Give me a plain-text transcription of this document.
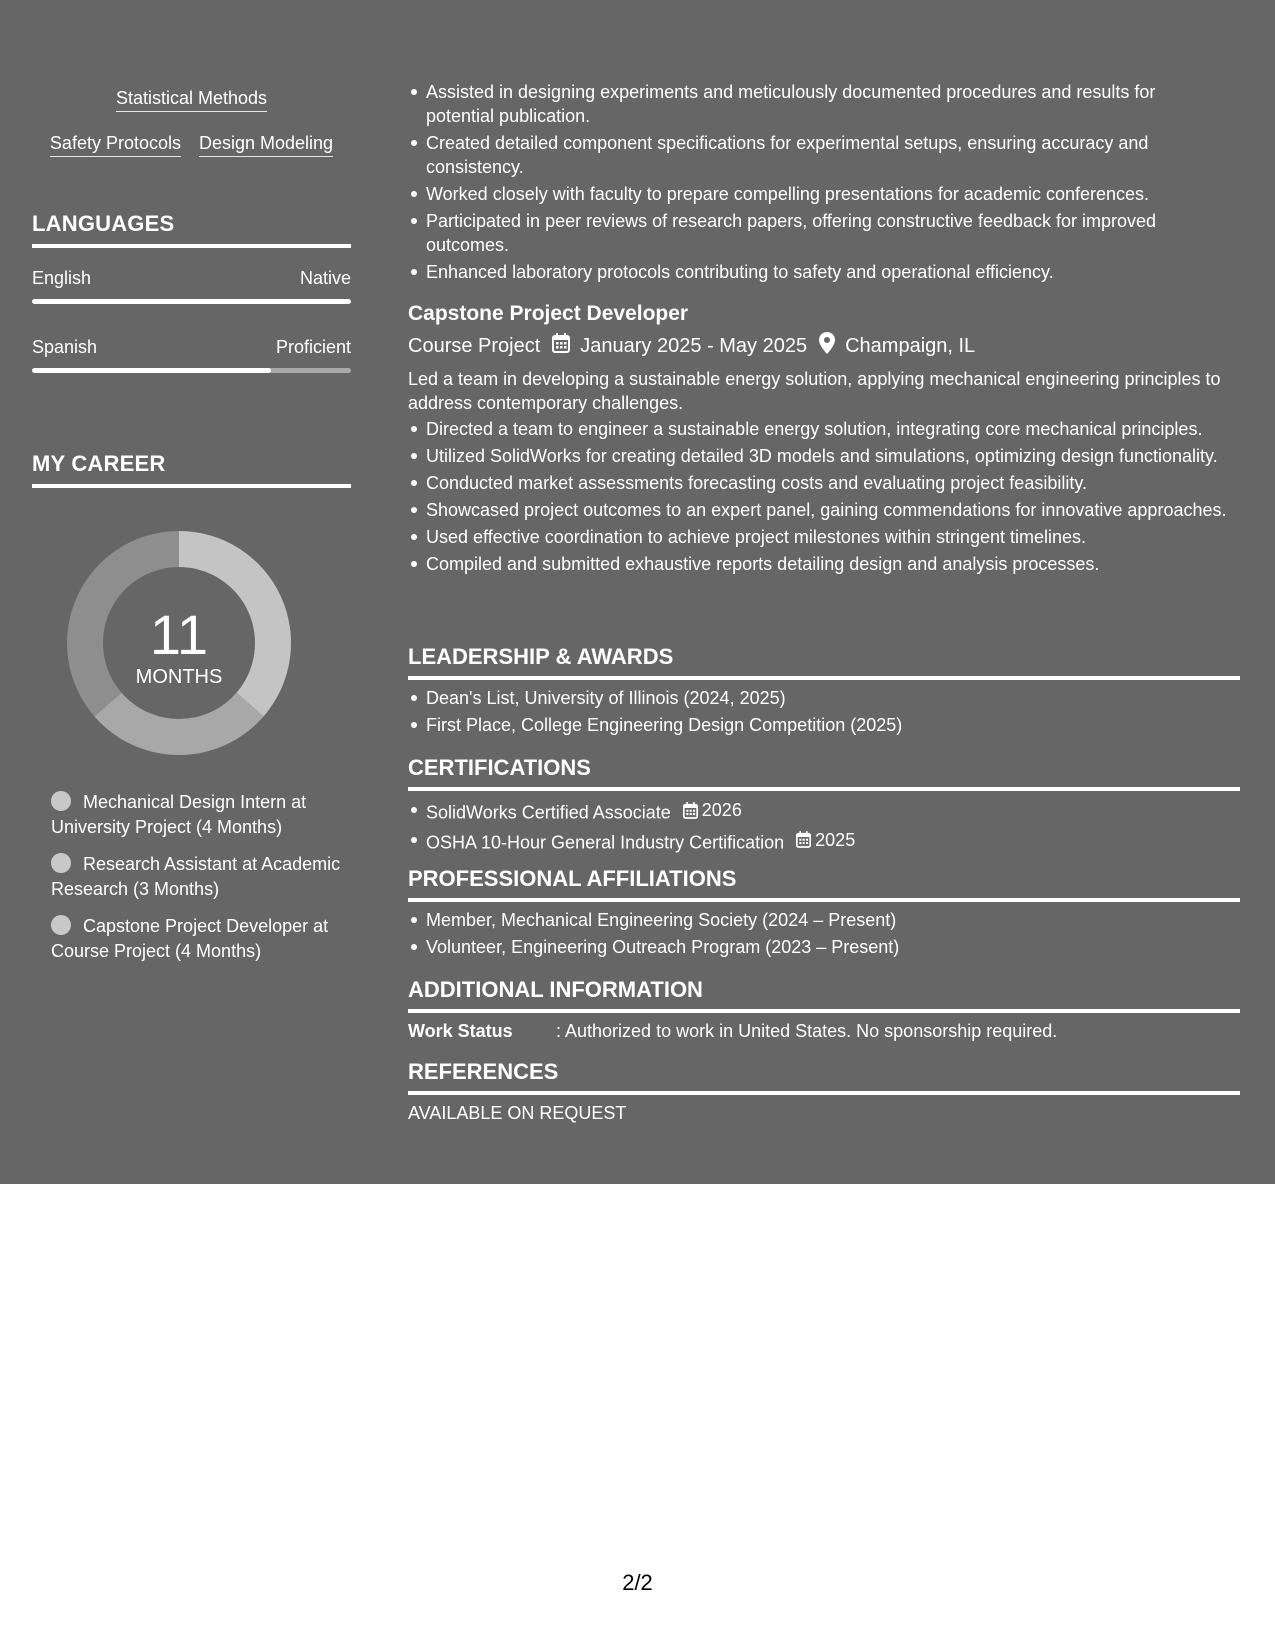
Statistical Methods
Safety Protocols Design Modeling
LANGUAGES
English	Native
Spanish	Proficient
MY CAREER
11
MONTHS
Mechanical Design Intern at University Project (4 Months)
Research Assistant at Academic Research (3 Months)
Capstone Project Developer at Course Project (4 Months)
Assisted in designing experiments and meticulously documented procedures and results for potential publication.
Created detailed component specifications for experimental setups, ensuring accuracy and consistency.
Worked closely with faculty to prepare compelling presentations for academic conferences.
Participated in peer reviews of research papers, offering constructive feedback for improved outcomes.
Enhanced laboratory protocols contributing to safety and operational efficiency.
Capstone Project Developer
Course Project January 2025 - May 2025 Champaign, IL
Led a team in developing a sustainable energy solution, applying mechanical engineering principles to address contemporary challenges.
Directed a team to engineer a sustainable energy solution, integrating core mechanical principles.
Utilized SolidWorks for creating detailed 3D models and simulations, optimizing design functionality.
Conducted market assessments forecasting costs and evaluating project feasibility.
Showcased project outcomes to an expert panel, gaining commendations for innovative approaches.
Used effective coordination to achieve project milestones within stringent timelines.
Compiled and submitted exhaustive reports detailing design and analysis processes.
LEADERSHIP & AWARDS
Dean's List, University of Illinois (2024, 2025)
First Place, College Engineering Design Competition (2025)
CERTIFICATIONS
SolidWorks Certified Associate 2026
OSHA 10-Hour General Industry Certification 2025
PROFESSIONAL AFFILIATIONS
Member, Mechanical Engineering Society (2024 – Present)
Volunteer, Engineering Outreach Program (2023 – Present)
ADDITIONAL INFORMATION
Work Status : Authorized to work in United States. No sponsorship required.
REFERENCES
AVAILABLE ON REQUEST
2/2
